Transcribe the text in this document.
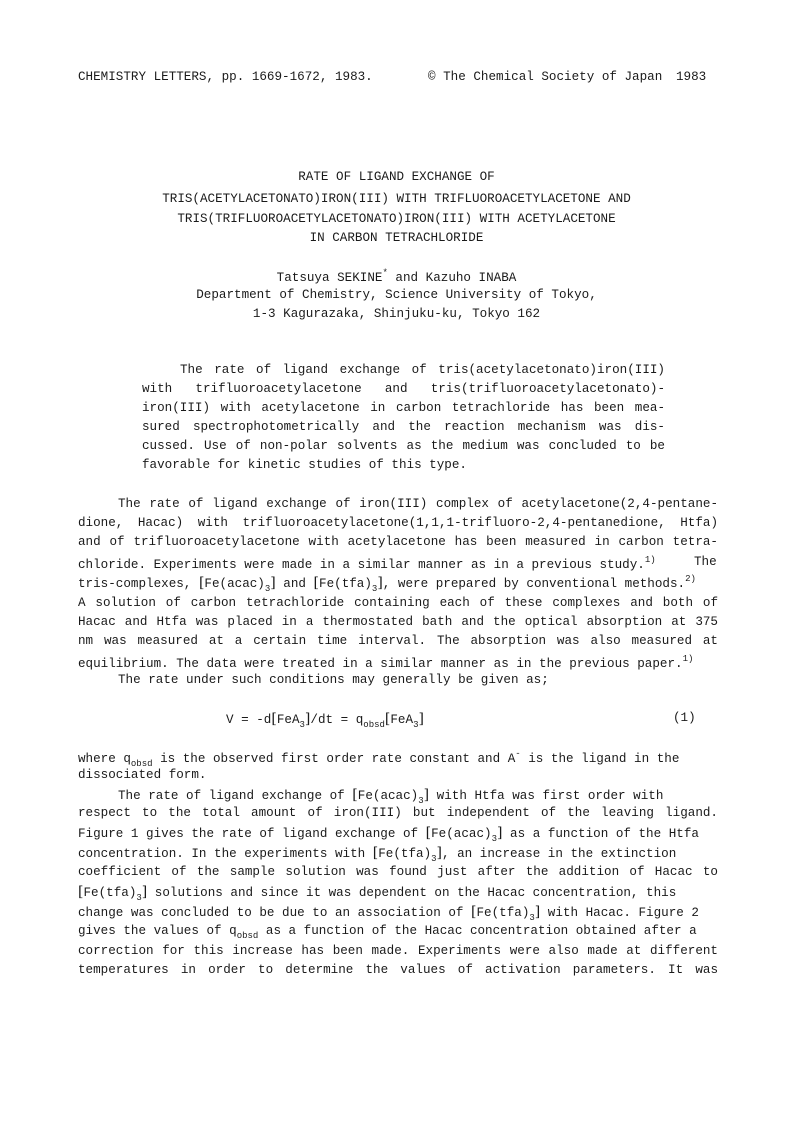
CHEMISTRY LETTERS, pp. 1669-1672, 1983.	© The Chemical Society of Japan 1983
RATE OF LIGAND EXCHANGE OF
TRIS(ACETYLACETONATO)IRON(III) WITH TRIFLUOROACETYLACETONE AND
TRIS(TRIFLUOROACETYLACETONATO)IRON(III) WITH ACETYLACETONE
IN CARBON TETRACHLORIDE
Tatsuya SEKINE* and Kazuho INABA
Department of Chemistry, Science University of Tokyo,
1-3 Kagurazaka, Shinjuku-ku, Tokyo 162
The rate of ligand exchange of tris(acetylacetonato)iron(III)
with trifluoroacetylacetone and tris(trifluoroacetylacetonato)-
iron(III) with acetylacetone in carbon tetrachloride has been mea-
sured spectrophotometrically and the reaction mechanism was dis-
cussed. Use of non-polar solvents as the medium was concluded to be
favorable for kinetic studies of this type.
The rate of ligand exchange of iron(III) complex of acetylacetone(2,4-pentane-
dione, Hacac) with trifluoroacetylacetone(1,1,1-trifluoro-2,4-pentanedione, Htfa)
and of trifluoroacetylacetone with acetylacetone has been measured in carbon tetra-
chloride. Experiments were made in a similar manner as in a previous study.$^{1)}$	The
tris-complexes, $[Fe(acac)_3]$ and $[Fe(tfa)_3]$, were prepared by conventional methods.$^{2)}$
A solution of carbon tetrachloride containing each of these complexes and both of
Hacac and Htfa was placed in a thermostated bath and the optical absorption at 375
nm was measured at a certain time interval. The absorption was also measured at
equilibrium. The data were treated in a similar manner as in the previous paper.$^{1)}$
The rate under such conditions may generally be given as;
$V = -d[FeA_3]/dt = q_{obsd}[FeA_3]$	(1)
where $q_{obsd}$ is the observed first order rate constant and A- is the ligand in the
dissociated form.
The rate of ligand exchange of $[Fe(acac)_3]$ with Htfa was first order with
respect to the total amount of iron(III) but independent of the leaving ligand.
Figure 1 gives the rate of ligand exchange of $[Fe(acac)_3]$ as a function of the Htfa
concentration. In the experiments with $[Fe(tfa)_3]$, an increase in the extinction
coefficient of the sample solution was found just after the addition of Hacac to
$[Fe(tfa)_3]$ solutions and since it was dependent on the Hacac concentration, this
change was concluded to be due to an association of $[Fe(tfa)_3]$ with Hacac. Figure 2
gives the values of $q_{obsd}$ as a function of the Hacac concentration obtained after a
correction for this increase has been made. Experiments were also made at different
temperatures in order to determine the values of activation parameters. It was
